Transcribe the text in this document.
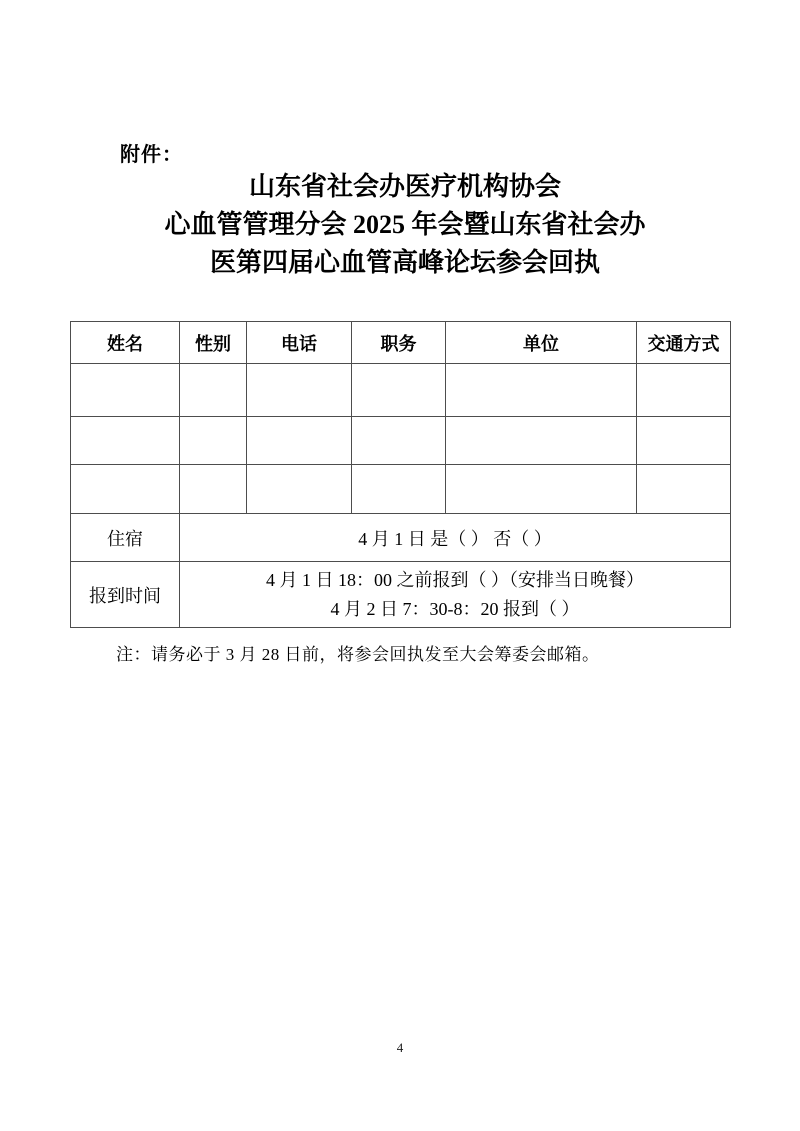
附件：
山东省社会办医疗机构协会
心血管管理分会 2025 年会暨山东省社会办
医第四届心血管高峰论坛参会回执
姓名	性别	电话	职务	单位	交通方式

住宿	4 月 1 日 是（ ） 否（ ）				
报到时间	4 月 1 日 18：00 之前报到（ ）（安排当日晚餐）
4 月 2 日 7：30-8：20 报到（ ）				
注：请务必于 3 月 28 日前，将参会回执发至大会筹委会邮箱。
4
